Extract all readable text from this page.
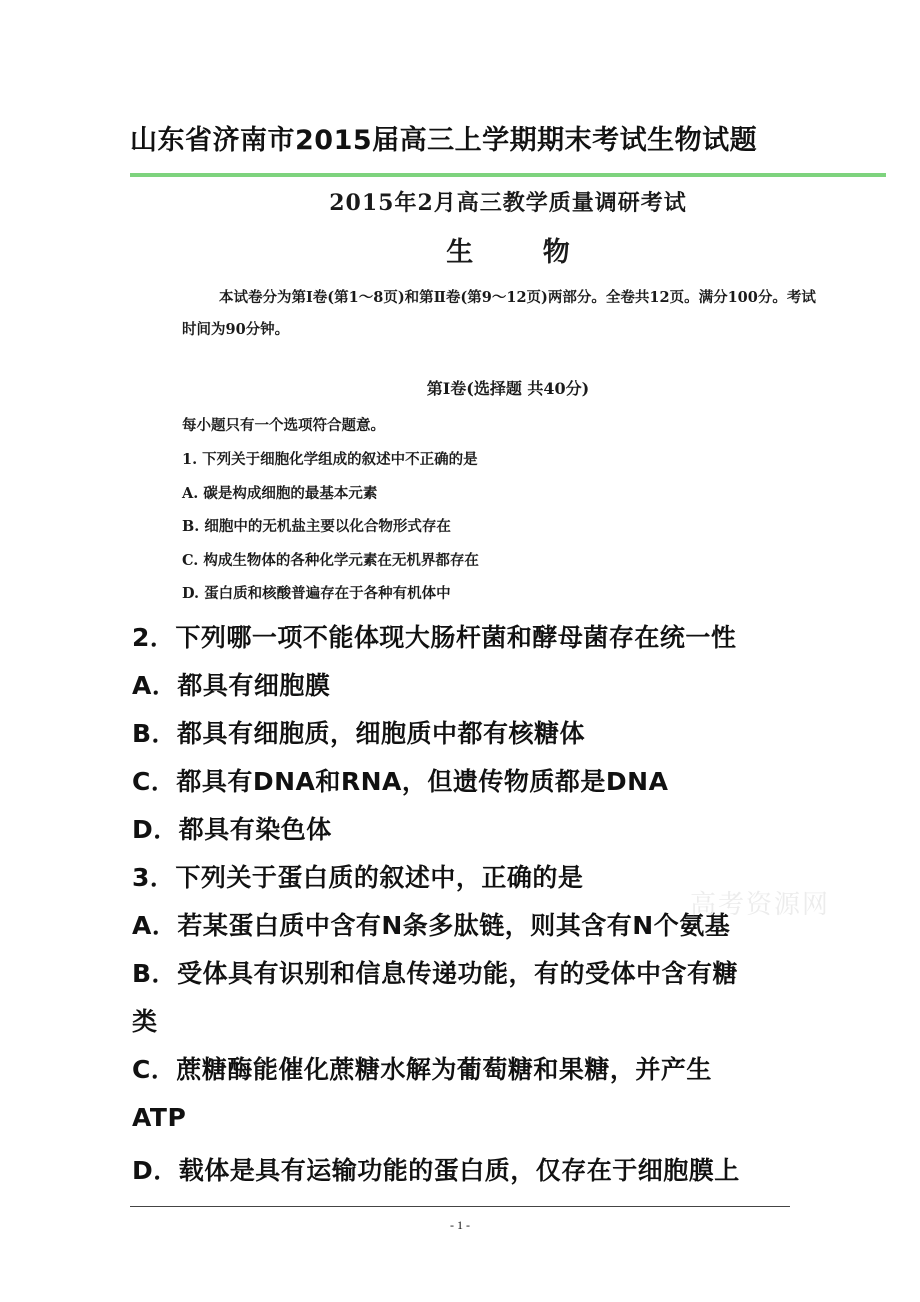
山东省济南市2015届高三上学期期末考试生物试题
2015年2月高三教学质量调研考试
生 物
本试卷分为第Ⅰ卷(第1～8页)和第Ⅱ卷(第9～12页)两部分。全卷共12页。满分100分。考试时间为90分钟。
第Ⅰ卷(选择题 共40分)
每小题只有一个选项符合题意。
1. 下列关于细胞化学组成的叙述中不正确的是
A. 碳是构成细胞的最基本元素
B. 细胞中的无机盐主要以化合物形式存在
C. 构成生物体的各种化学元素在无机界都存在
D. 蛋白质和核酸普遍存在于各种有机体中
2．下列哪一项不能体现大肠杆菌和酵母菌存在统一性
A．都具有细胞膜
B．都具有细胞质，细胞质中都有核糖体
C．都具有DNA和RNA，但遗传物质都是DNA
D．都具有染色体
3．下列关于蛋白质的叙述中，正确的是
A．若某蛋白质中含有N条多肽链，则其含有N个氨基
B．受体具有识别和信息传递功能，有的受体中含有糖
类
C．蔗糖酶能催化蔗糖水解为葡萄糖和果糖，并产生
ATP
D．载体是具有运输功能的蛋白质，仅存在于细胞膜上
高考资源网
- 1 -
